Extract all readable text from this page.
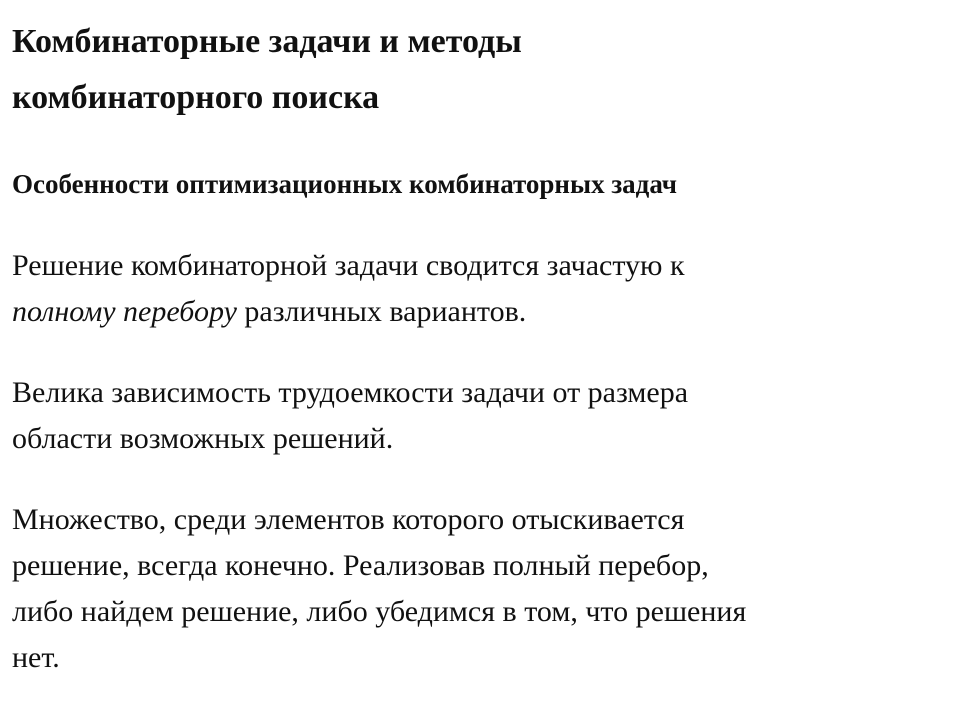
Комбинаторные задачи и методы
комбинаторного поиска
Особенности оптимизационных комбинаторных задач

Решение комбинаторной задачи сводится зачастую к
полному перебору различных вариантов.

Велика зависимость трудоемкости задачи от размера
области возможных решений.

Множество, среди элементов которого отыскивается
решение, всегда конечно. Реализовав полный перебор,
либо найдем решение, либо убедимся в том, что решения
нет.
